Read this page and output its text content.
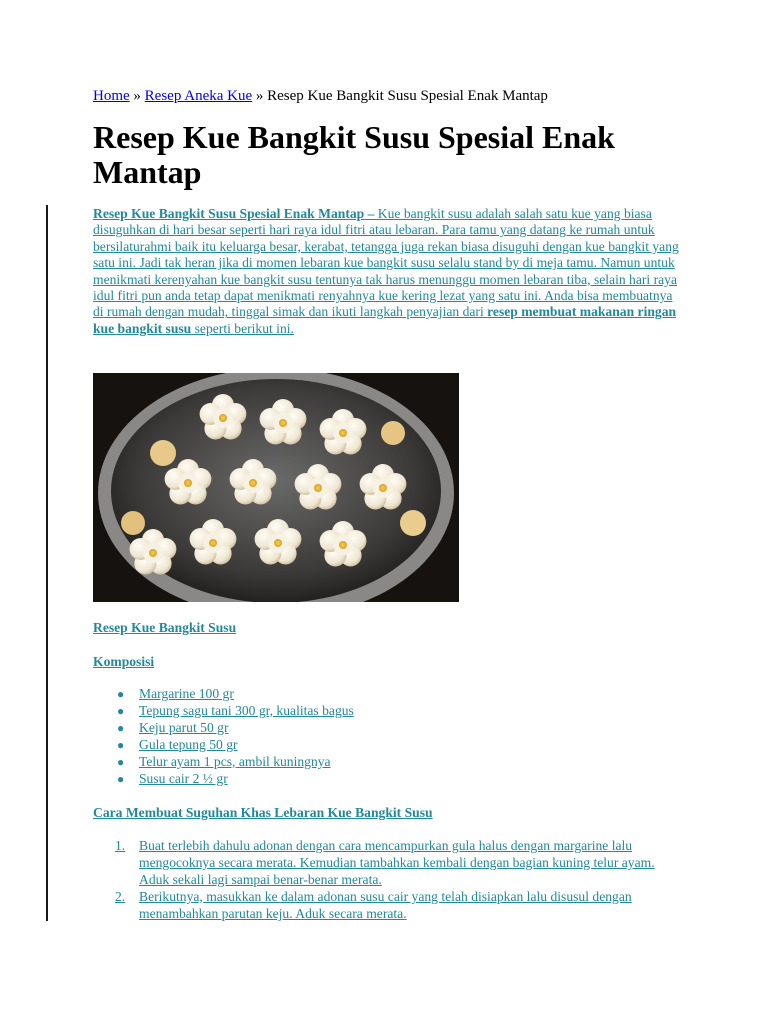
Home » Resep Aneka Kue » Resep Kue Bangkit Susu Spesial Enak Mantap
Resep Kue Bangkit Susu Spesial Enak Mantap

Resep Kue Bangkit Susu Spesial Enak Mantap – Kue bangkit susu adalah salah satu kue yang biasa disuguhkan di hari besar seperti hari raya idul fitri atau lebaran. Para tamu yang datang ke rumah untuk bersilaturahmi baik itu keluarga besar, kerabat, tetangga juga rekan biasa disuguhi dengan kue bangkit yang satu ini. Jadi tak heran jika di momen lebaran kue bangkit susu selalu stand by di meja tamu. Namun untuk menikmati kerenyahan kue bangkit susu tentunya tak harus menunggu momen lebaran tiba, selain hari raya idul fitri pun anda tetap dapat menikmati renyahnya kue kering lezat yang satu ini. Anda bisa membuatnya di rumah dengan mudah, tinggal simak dan ikuti langkah penyajian dari resep membuat makanan ringan kue bangkit susu seperti berikut ini.

Resep Kue Bangkit Susu
Komposisi
● Margarine 100 gr
● Tepung sagu tani 300 gr, kualitas bagus
● Keju parut 50 gr
● Gula tepung 50 gr
● Telur ayam 1 pcs, ambil kuningnya
● Susu cair 2 ½ gr
Cara Membuat Suguhan Khas Lebaran Kue Bangkit Susu
1. Buat terlebih dahulu adonan dengan cara mencampurkan gula halus dengan margarine lalu mengocoknya secara merata. Kemudian tambahkan kembali dengan bagian kuning telur ayam. Aduk sekali lagi sampai benar-benar merata.
2. Berikutnya, masukkan ke dalam adonan susu cair yang telah disiapkan lalu disusul dengan menambahkan parutan keju. Aduk secara merata.
